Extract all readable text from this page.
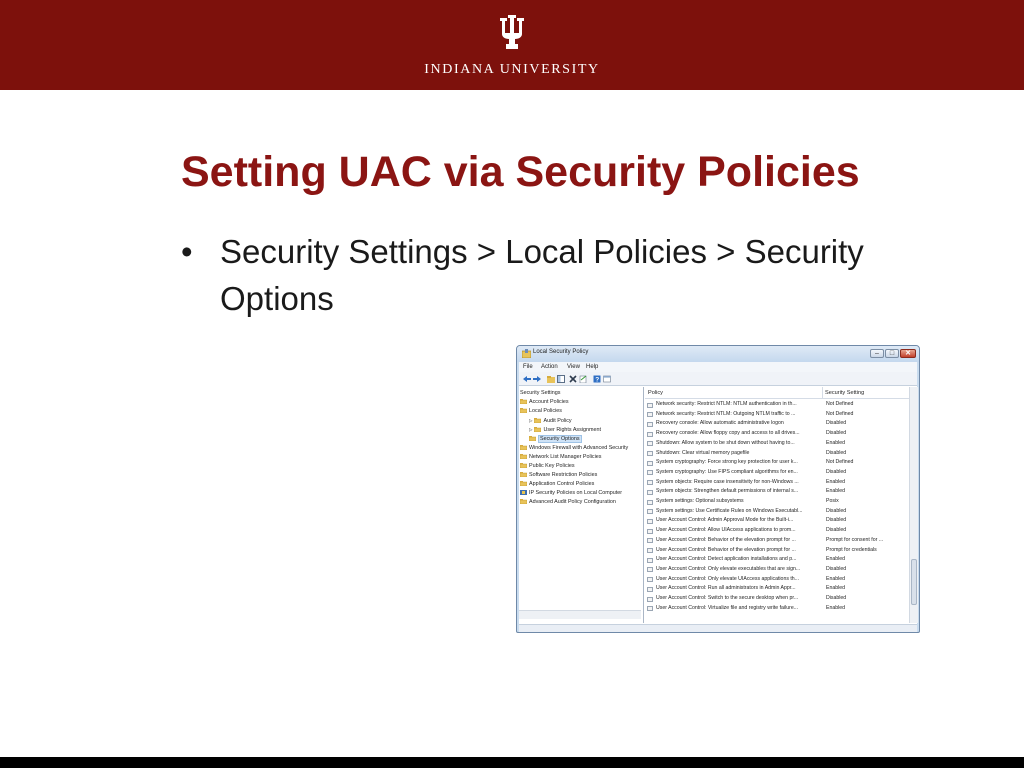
INDIANA UNIVERSITY
Setting UAC via Security Policies
• Security Settings > Local Policies > Security Options
Local Security Policy	–	□	✕
File Action View Help
?
Security Settings
Account Policies
Local Policies
▷ Audit Policy
▷ User Rights Assignment
Security Options
Windows Firewall with Advanced Security
Network List Manager Policies
Public Key Policies
Software Restriction Policies
Application Control Policies
IP Security Policies on Local Computer
Advanced Audit Policy Configuration
Policy	Security Setting
Network security: Restrict NTLM: NTLM authentication in th...	Not Defined
Network security: Restrict NTLM: Outgoing NTLM traffic to ...	Not Defined
Recovery console: Allow automatic administrative logon	Disabled
Recovery console: Allow floppy copy and access to all drives...	Disabled
Shutdown: Allow system to be shut down without having to...	Enabled
Shutdown: Clear virtual memory pagefile	Disabled
System cryptography: Force strong key protection for user k...	Not Defined
System cryptography: Use FIPS compliant algorithms for en...	Disabled
System objects: Require case insensitivity for non-Windows ...	Enabled
System objects: Strengthen default permissions of internal s...	Enabled
System settings: Optional subsystems	Posix
System settings: Use Certificate Rules on Windows Executabl...	Disabled
User Account Control: Admin Approval Mode for the Built-i...	Disabled
User Account Control: Allow UIAccess applications to prom...	Disabled
User Account Control: Behavior of the elevation prompt for ...	Prompt for consent for ...
User Account Control: Behavior of the elevation prompt for ...	Prompt for credentials
User Account Control: Detect application installations and p...	Enabled
User Account Control: Only elevate executables that are sign...	Disabled
User Account Control: Only elevate UIAccess applications th...	Enabled
User Account Control: Run all administrators in Admin Appr...	Enabled
User Account Control: Switch to the secure desktop when pr...	Disabled
User Account Control: Virtualize file and registry write failure...	Enabled
